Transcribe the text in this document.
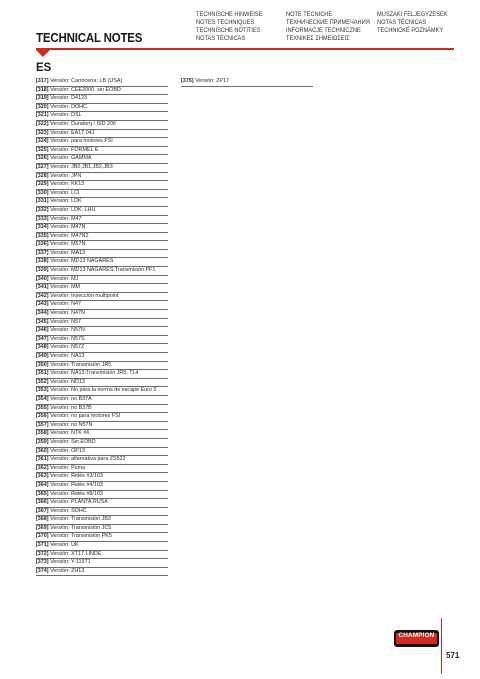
TECHNICAL NOTES
TECHNISCHE HINWEISE
NOTES TECHNIQUES
TECHNISCHE NOTITIES
NOTAS TÉCNICAS
NOTE TECNICHE
ТЕХНИЧЕСКИЕ ПРИМЕЧАНИЯ
INFORMACJE TECHNICZNE
ΤΕΧΝΙΚΕΣ ΣΗΜΕΙΩΣΕΙΣ
MŰSZAKI FELJEGYZÉSEK
NOTAS TÉCNICAS
TECHNICKÉ POZNÁMKY
ES
[317] Versión: Carrocería: LB (USA)
[318] Versión: CEE2000, sin EOBD
[319] Versión: D4123
[320] Versión: DOHC
[321] Versión: DSL
[322] Versión: Duratorq / SID 206
[323] Versión: EA17 041
[324] Versión: para motores FSI
[325] Versión: FORMEL E
[326] Versión: GAMMA
[327] Versión: JB0,JB1,JB2,JB3
[328] Versión: JPN
[329] Versión: KK13
[330] Versión: LCI
[331] Versión: LDK
[332] Versión: LDK, LHU
[333] Versión: M47
[334] Versión: M47N
[335] Versión: M47N2
[336] Versión: M57N
[337] Versión: MA13
[338] Versión: MD13 NAGARES
[339] Versión: MD13 NAGARES;Transmisión PF1
[340] Versión: MJ
[341] Versión: MM
[342] Versión: Inyección multipoint
[343] Versión: N47
[344] Versión: N47N
[345] Versión: N57
[346] Versión: N57N
[347] Versión: N57S
[348] Versión: N57Z
[349] Versión: NA13
[350] Versión: Transmisión JR5
[351] Versión: NA13;Transmisión JR5, TL4
[352] Versión: ND13
[353] Versión: No para la norma de escape Euro 5
[354] Versión: no B37A
[355] Versión: no B37B
[356] Versión: no para motores FSI
[357] Versión: no N57N
[358] Versión: NTK #6
[359] Versión: Sin EOBD
[360] Versión: OP13
[361] Versión: alternativa para ZS522
[362] Versión: Puma
[363] Versión: Relés #3/103
[364] Versión: Relés #4/103
[365] Versión: Relés #8/103
[366] Versión: PLANTA RUSA
[367] Versión: SOHC
[368] Versión: Transmisión JB3
[369] Versión: Transmisión JC5
[370] Versión: Transmisión PK5
[371] Versión: UK
[372] Versión: XT17 LINDE
[373] Versión: Y-115T1
[374] Versión: ZH13
[375] Versión: ZP17
CHAMPION
571
